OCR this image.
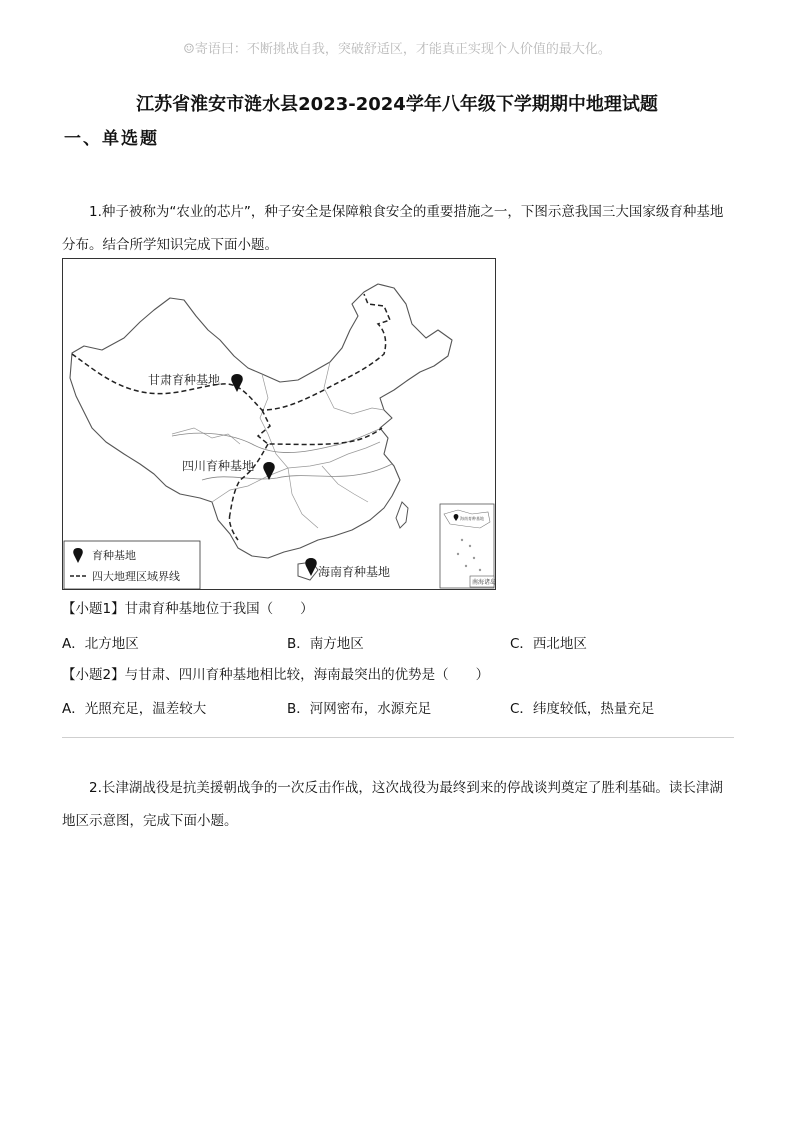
☺寄语曰：不断挑战自我，突破舒适区，才能真正实现个人价值的最大化。
江苏省淮安市涟水县2023-2024学年八年级下学期期中地理试题
一、单选题
1.种子被称为“农业的芯片”，种子安全是保障粮食安全的重要措施之一，下图示意我国三大国家级育种基地分布。结合所学知识完成下面小题。
甘肃育种基地
四川育种基地
海南育种基地
育种基地
四大地理区域界线
海南育种基地
南海诸岛
【小题1】甘肃育种基地位于我国（　　）
A．北方地区	B．南方地区	C．西北地区
【小题2】与甘肃、四川育种基地相比较，海南最突出的优势是（　　）
A．光照充足，温差较大	B．河网密布，水源充足	C．纬度较低，热量充足
2.长津湖战役是抗美援朝战争的一次反击作战，这次战役为最终到来的停战谈判奠定了胜利基础。读长津湖地区示意图，完成下面小题。
